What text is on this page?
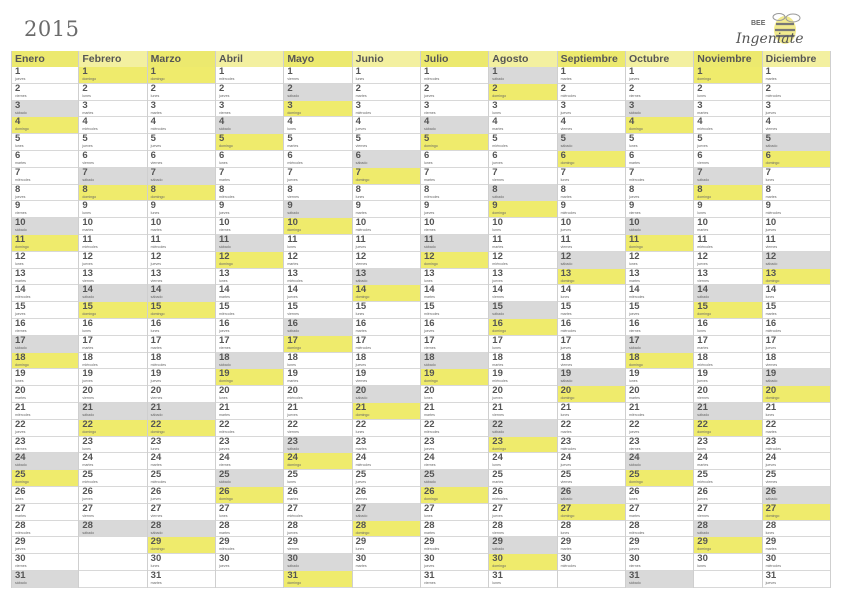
2015	BEE
Ingeniate
Enero
1
jueves
2
viernes
3
sábado
4
domingo
5
lunes
6
martes
7
miércoles
8
jueves
9
viernes
10
sábado
11
domingo
12
lunes
13
martes
14
miércoles
15
jueves
16
viernes
17
sábado
18
domingo
19
lunes
20
martes
21
miércoles
22
jueves
23
viernes
24
sábado
25
domingo
26
lunes
27
martes
28
miércoles
29
jueves
30
viernes
31
sábado
Febrero
1
domingo
2
lunes
3
martes
4
miércoles
5
jueves
6
viernes
7
sábado
8
domingo
9
lunes
10
martes
11
miércoles
12
jueves
13
viernes
14
sábado
15
domingo
16
lunes
17
martes
18
miércoles
19
jueves
20
viernes
21
sábado
22
domingo
23
lunes
24
martes
25
miércoles
26
jueves
27
viernes
28
sábado
Marzo
1
domingo
2
lunes
3
martes
4
miércoles
5
jueves
6
viernes
7
sábado
8
domingo
9
lunes
10
martes
11
miércoles
12
jueves
13
viernes
14
sábado
15
domingo
16
lunes
17
martes
18
miércoles
19
jueves
20
viernes
21
sábado
22
domingo
23
lunes
24
martes
25
miércoles
26
jueves
27
viernes
28
sábado
29
domingo
30
lunes
31
martes
Abril
1
miércoles
2
jueves
3
viernes
4
sábado
5
domingo
6
lunes
7
martes
8
miércoles
9
jueves
10
viernes
11
sábado
12
domingo
13
lunes
14
martes
15
miércoles
16
jueves
17
viernes
18
sábado
19
domingo
20
lunes
21
martes
22
miércoles
23
jueves
24
viernes
25
sábado
26
domingo
27
lunes
28
martes
29
miércoles
30
jueves
Mayo
1
viernes
2
sábado
3
domingo
4
lunes
5
martes
6
miércoles
7
jueves
8
viernes
9
sábado
10
domingo
11
lunes
12
martes
13
miércoles
14
jueves
15
viernes
16
sábado
17
domingo
18
lunes
19
martes
20
miércoles
21
jueves
22
viernes
23
sábado
24
domingo
25
lunes
26
martes
27
miércoles
28
jueves
29
viernes
30
sábado
31
domingo
Junio
1
lunes
2
martes
3
miércoles
4
jueves
5
viernes
6
sábado
7
domingo
8
lunes
9
martes
10
miércoles
11
jueves
12
viernes
13
sábado
14
domingo
15
lunes
16
martes
17
miércoles
18
jueves
19
viernes
20
sábado
21
domingo
22
lunes
23
martes
24
miércoles
25
jueves
26
viernes
27
sábado
28
domingo
29
lunes
30
martes
Julio
1
miércoles
2
jueves
3
viernes
4
sábado
5
domingo
6
lunes
7
martes
8
miércoles
9
jueves
10
viernes
11
sábado
12
domingo
13
lunes
14
martes
15
miércoles
16
jueves
17
viernes
18
sábado
19
domingo
20
lunes
21
martes
22
miércoles
23
jueves
24
viernes
25
sábado
26
domingo
27
lunes
28
martes
29
miércoles
30
jueves
31
viernes
Agosto
1
sábado
2
domingo
3
lunes
4
martes
5
miércoles
6
jueves
7
viernes
8
sábado
9
domingo
10
lunes
11
martes
12
miércoles
13
jueves
14
viernes
15
sábado
16
domingo
17
lunes
18
martes
19
miércoles
20
jueves
21
viernes
22
sábado
23
domingo
24
lunes
25
martes
26
miércoles
27
jueves
28
viernes
29
sábado
30
domingo
31
lunes
Septiembre
1
martes
2
miércoles
3
jueves
4
viernes
5
sábado
6
domingo
7
lunes
8
martes
9
miércoles
10
jueves
11
viernes
12
sábado
13
domingo
14
lunes
15
martes
16
miércoles
17
jueves
18
viernes
19
sábado
20
domingo
21
lunes
22
martes
23
miércoles
24
jueves
25
viernes
26
sábado
27
domingo
28
lunes
29
martes
30
miércoles
Octubre
1
jueves
2
viernes
3
sábado
4
domingo
5
lunes
6
martes
7
miércoles
8
jueves
9
viernes
10
sábado
11
domingo
12
lunes
13
martes
14
miércoles
15
jueves
16
viernes
17
sábado
18
domingo
19
lunes
20
martes
21
miércoles
22
jueves
23
viernes
24
sábado
25
domingo
26
lunes
27
martes
28
miércoles
29
jueves
30
viernes
31
sábado
Noviembre
1
domingo
2
lunes
3
martes
4
miércoles
5
jueves
6
viernes
7
sábado
8
domingo
9
lunes
10
martes
11
miércoles
12
jueves
13
viernes
14
sábado
15
domingo
16
lunes
17
martes
18
miércoles
19
jueves
20
viernes
21
sábado
22
domingo
23
lunes
24
martes
25
miércoles
26
jueves
27
viernes
28
sábado
29
domingo
30
lunes
Diciembre
1
martes
2
miércoles
3
jueves
4
viernes
5
sábado
6
domingo
7
lunes
8
martes
9
miércoles
10
jueves
11
viernes
12
sábado
13
domingo
14
lunes
15
martes
16
miércoles
17
jueves
18
viernes
19
sábado
20
domingo
21
lunes
22
martes
23
miércoles
24
jueves
25
viernes
26
sábado
27
domingo
28
lunes
29
martes
30
miércoles
31
jueves
